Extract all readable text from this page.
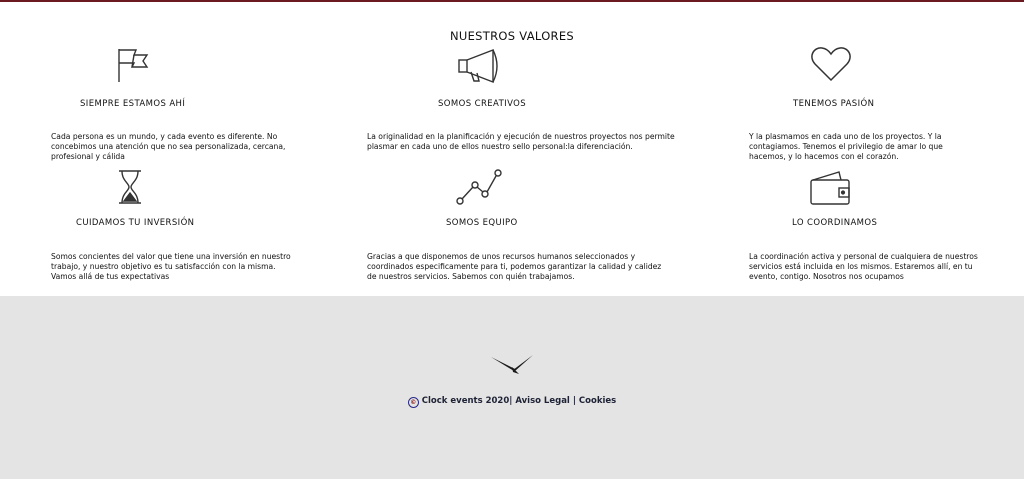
NUESTROS VALORES
SIEMPRE ESTAMOS AHÍ
Cada persona es un mundo, y cada evento es diferente. No concebimos una atención que no sea personalizada, cercana, profesional y cálida
SOMOS CREATIVOS
La originalidad en la planificación y ejecución de nuestros proyectos nos permite plasmar en cada uno de ellos nuestro sello personal:la diferenciación.
TENEMOS PASIÓN
Y la plasmamos en cada uno de los proyectos. Y la contagiamos. Tenemos el privilegio de amar lo que hacemos, y lo hacemos con el corazón.
CUIDAMOS TU INVERSIÓN
Somos concientes del valor que tiene una inversión en nuestro trabajo, y nuestro objetivo es tu satisfacción con la misma. Vamos allá de tus expectativas
SOMOS EQUIPO
Gracias a que disponemos de unos recursos humanos seleccionados y coordinados especificamente para ti, podemos garantizar la calidad y calidez de nuestros servicios. Sabemos con quién trabajamos.
LO COORDINAMOS
La coordinación activa y personal de cualquiera de nuestros servicios está incluida en los mismos. Estaremos allí, en tu evento, contigo. Nosotros nos ocupamos
© Clock events 2020| Aviso Legal | Cookies
